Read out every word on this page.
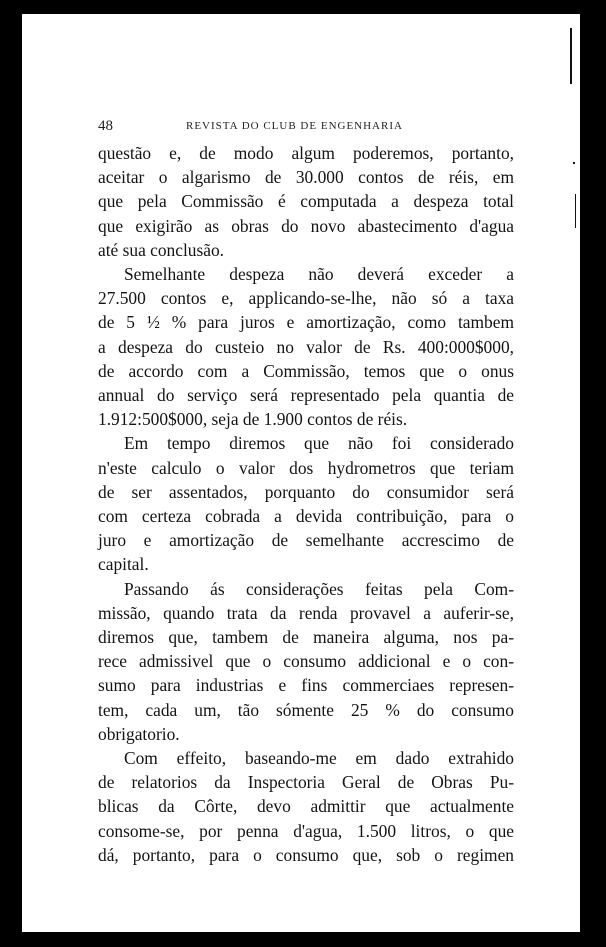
48	REVISTA DO CLUB DE ENGENHARIA

questão e, de modo algum poderemos, portanto,
aceitar o algarismo de 30.000 contos de réis, em
que pela Commissão é computada a despeza total
que exigirão as obras do novo abastecimento d'agua
até sua conclusão.

Semelhante despeza não deverá exceder a
27.500 contos e, applicando-se-lhe, não só a taxa
de 5 ½ % para juros e amortização, como tambem
a despeza do custeio no valor de Rs. 400:000$000,
de accordo com a Commissão, temos que o onus
annual do serviço será representado pela quantia de
1.912:500$000, seja de 1.900 contos de réis.

Em tempo diremos que não foi considerado
n'este calculo o valor dos hydrometros que teriam
de ser assentados, porquanto do consumidor será
com certeza cobrada a devida contribuição, para o
juro e amortização de semelhante accrescimo de
capital.

Passando ás considerações feitas pela Com-
missão, quando trata da renda provavel a auferir-se,
diremos que, tambem de maneira alguma, nos pa-
rece admissivel que o consumo addicional e o con-
sumo para industrias e fins commerciaes represen-
tem, cada um, tão sómente 25 % do consumo
obrigatorio.

Com effeito, baseando-me em dado extrahido
de relatorios da Inspectoria Geral de Obras Pu-
blicas da Côrte, devo admittir que actualmente
consome-se, por penna d'agua, 1.500 litros, o que
dá, portanto, para o consumo que, sob o regimen
